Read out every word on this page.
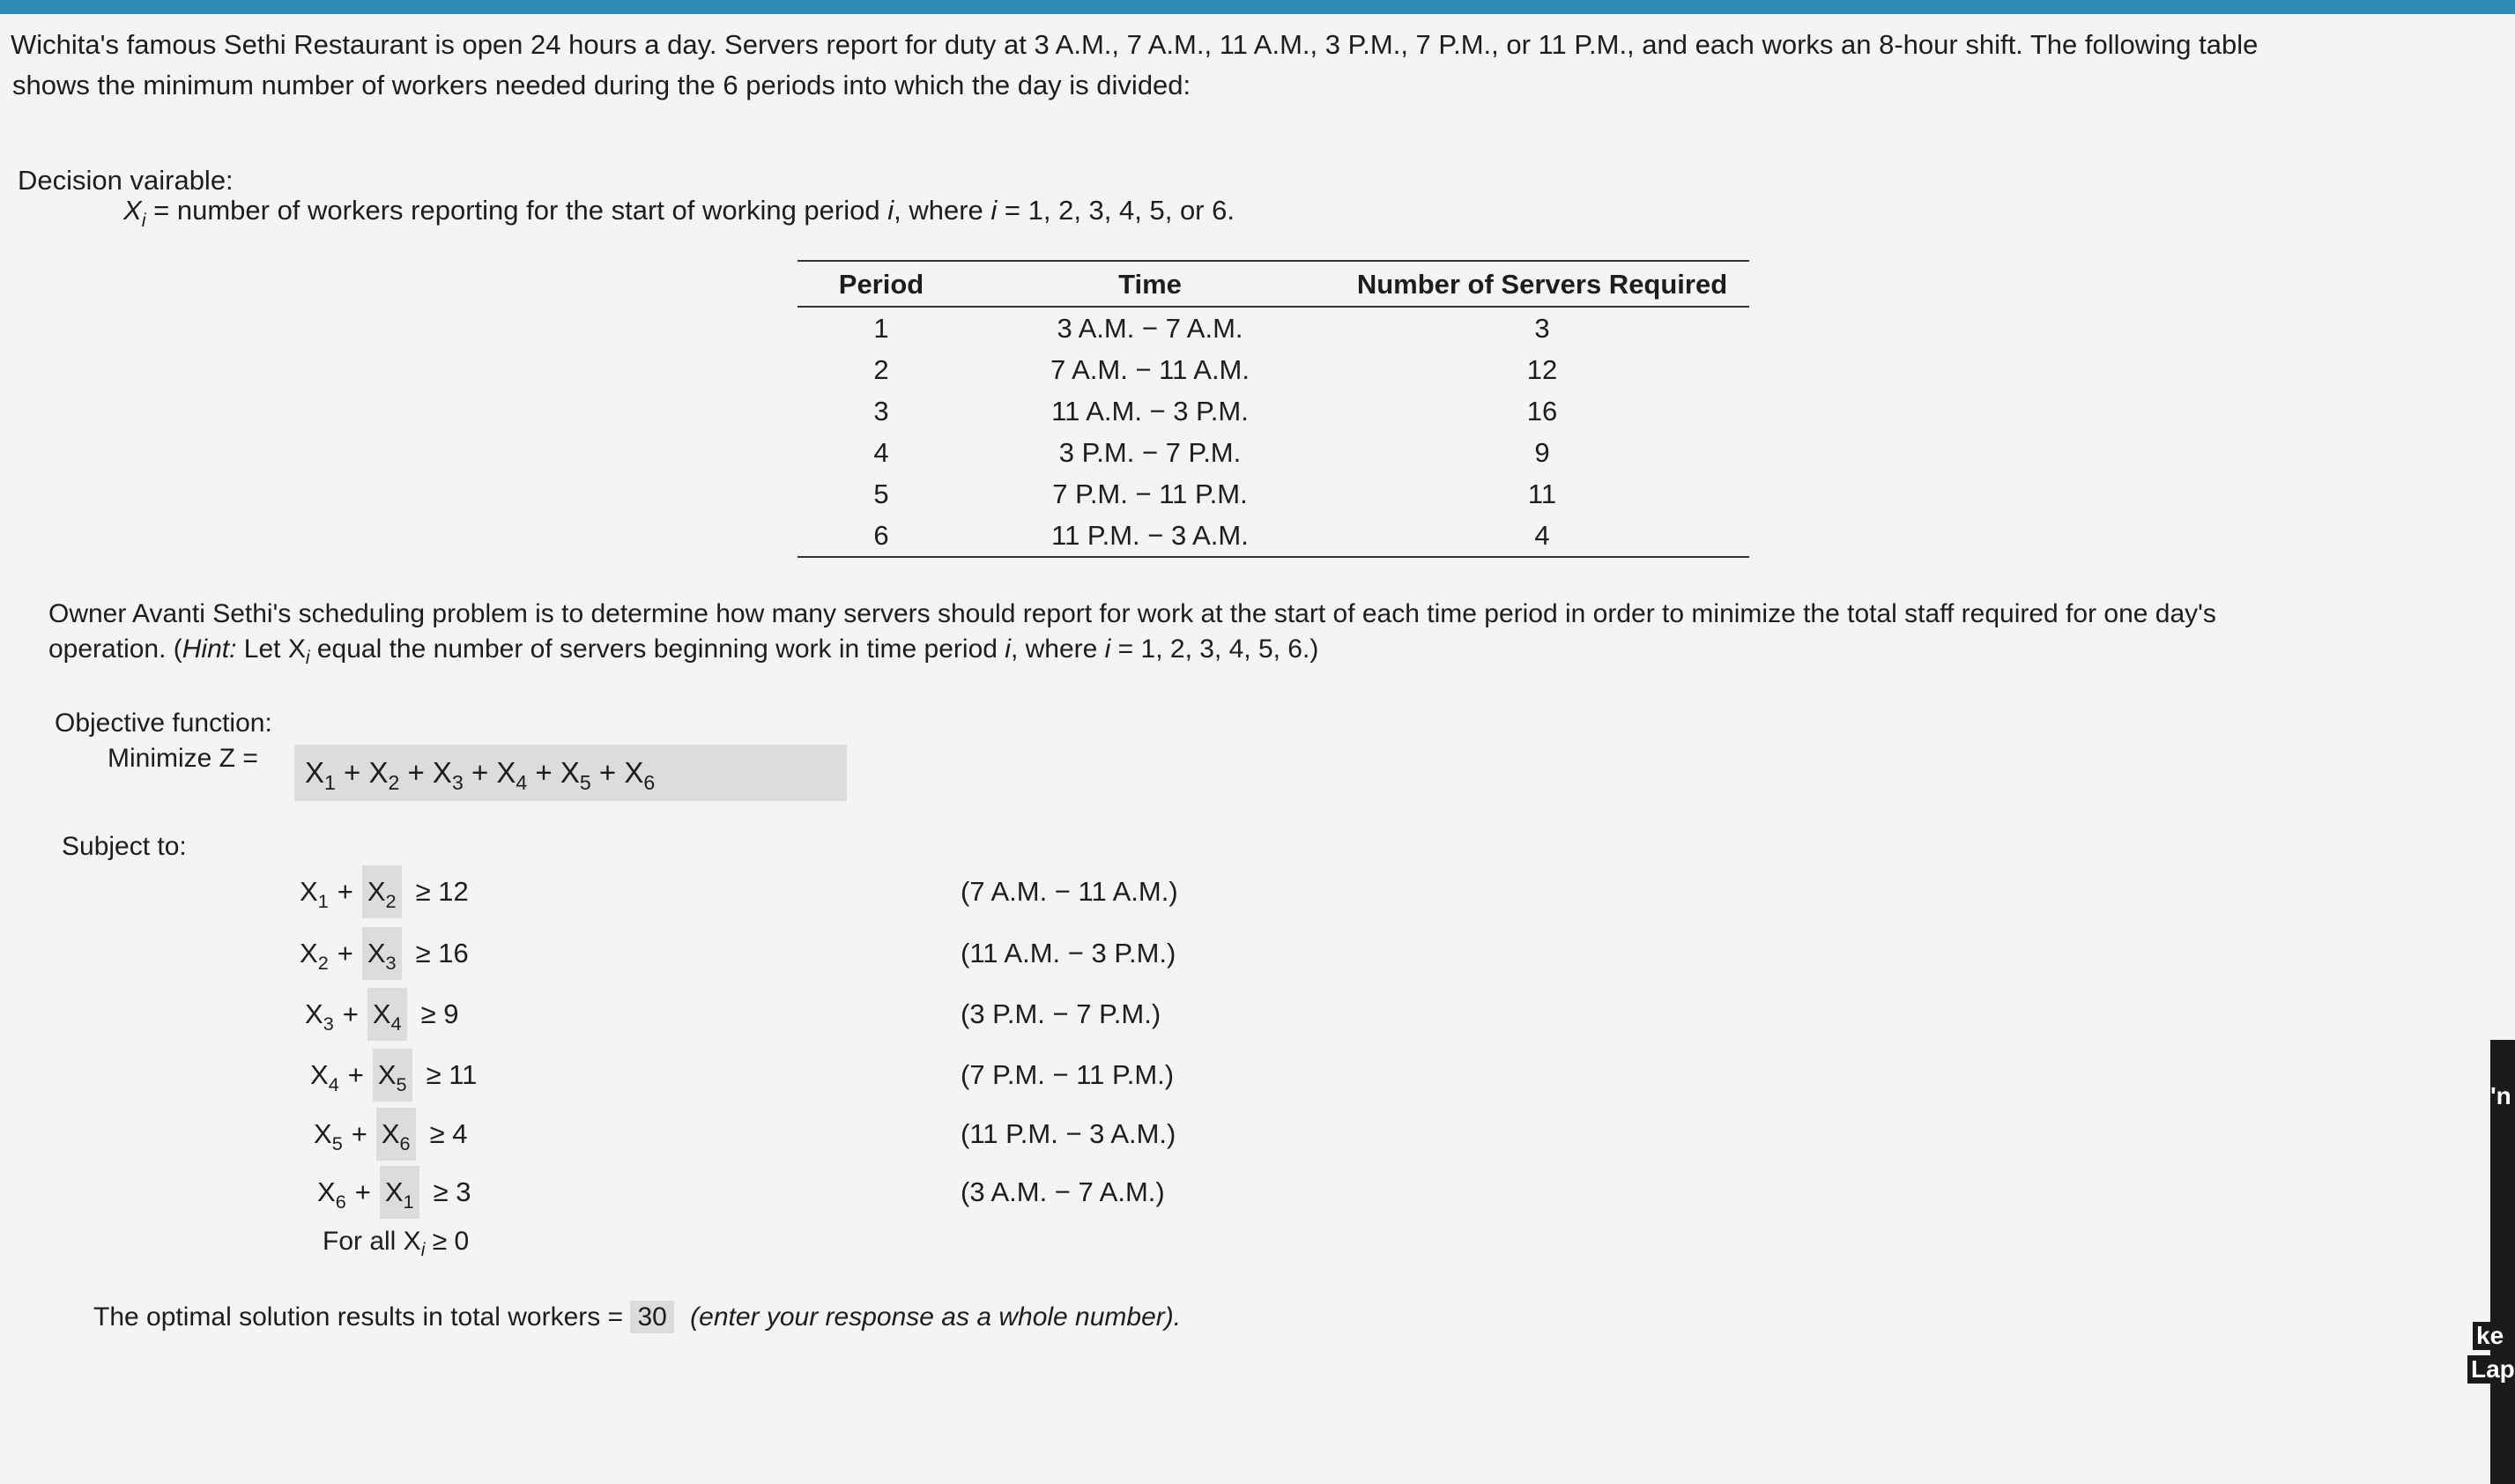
Wichita's famous Sethi Restaurant is open 24 hours a day. Servers report for duty at 3 A.M., 7 A.M., 11 A.M., 3 P.M., 7 P.M., or 11 P.M., and each works an 8-hour shift. The following table
shows the minimum number of workers needed during the 6 periods into which the day is divided:
Decision vairable:
$X_i$ = number of workers reporting for the start of working period i, where i = 1, 2, 3, 4, 5, or 6.
Period	Time	Number of Servers Required
1	3 A.M. − 7 A.M.	3
2	7 A.M. − 11 A.M.	12
3	11 A.M. − 3 P.M.	16
4	3 P.M. − 7 P.M.	9
5	7 P.M. − 11 P.M.	11
6	11 P.M. − 3 A.M.	4
Owner Avanti Sethi's scheduling problem is to determine how many servers should report for work at the start of each time period in order to minimize the total staff required for one day's
operation. (Hint: Let $X_i$ equal the number of servers beginning work in time period i, where i = 1, 2, 3, 4, 5, 6.)
Objective function:
Minimize Z =	$X_1 + X_2 + X_3 + X_4 + X_5 + X_6$
Subject to:
$X_1 + X_2 \ge 12$	(7 A.M. − 11 A.M.)
$X_2 + X_3 \ge 16$	(11 A.M. − 3 P.M.)
$X_3 + X_4 \ge 9$	(3 P.M. − 7 P.M.)
$X_4 + X_5 \ge 11$	(7 P.M. − 11 P.M.)
$X_5 + X_6 \ge 4$	(11 P.M. − 3 A.M.)
$X_6 + X_1 \ge 3$	(3 A.M. − 7 A.M.)
For all $X_i \ge 0$
The optimal solution results in total workers = 30 (enter your response as a whole number).
'n
ke
Lap
